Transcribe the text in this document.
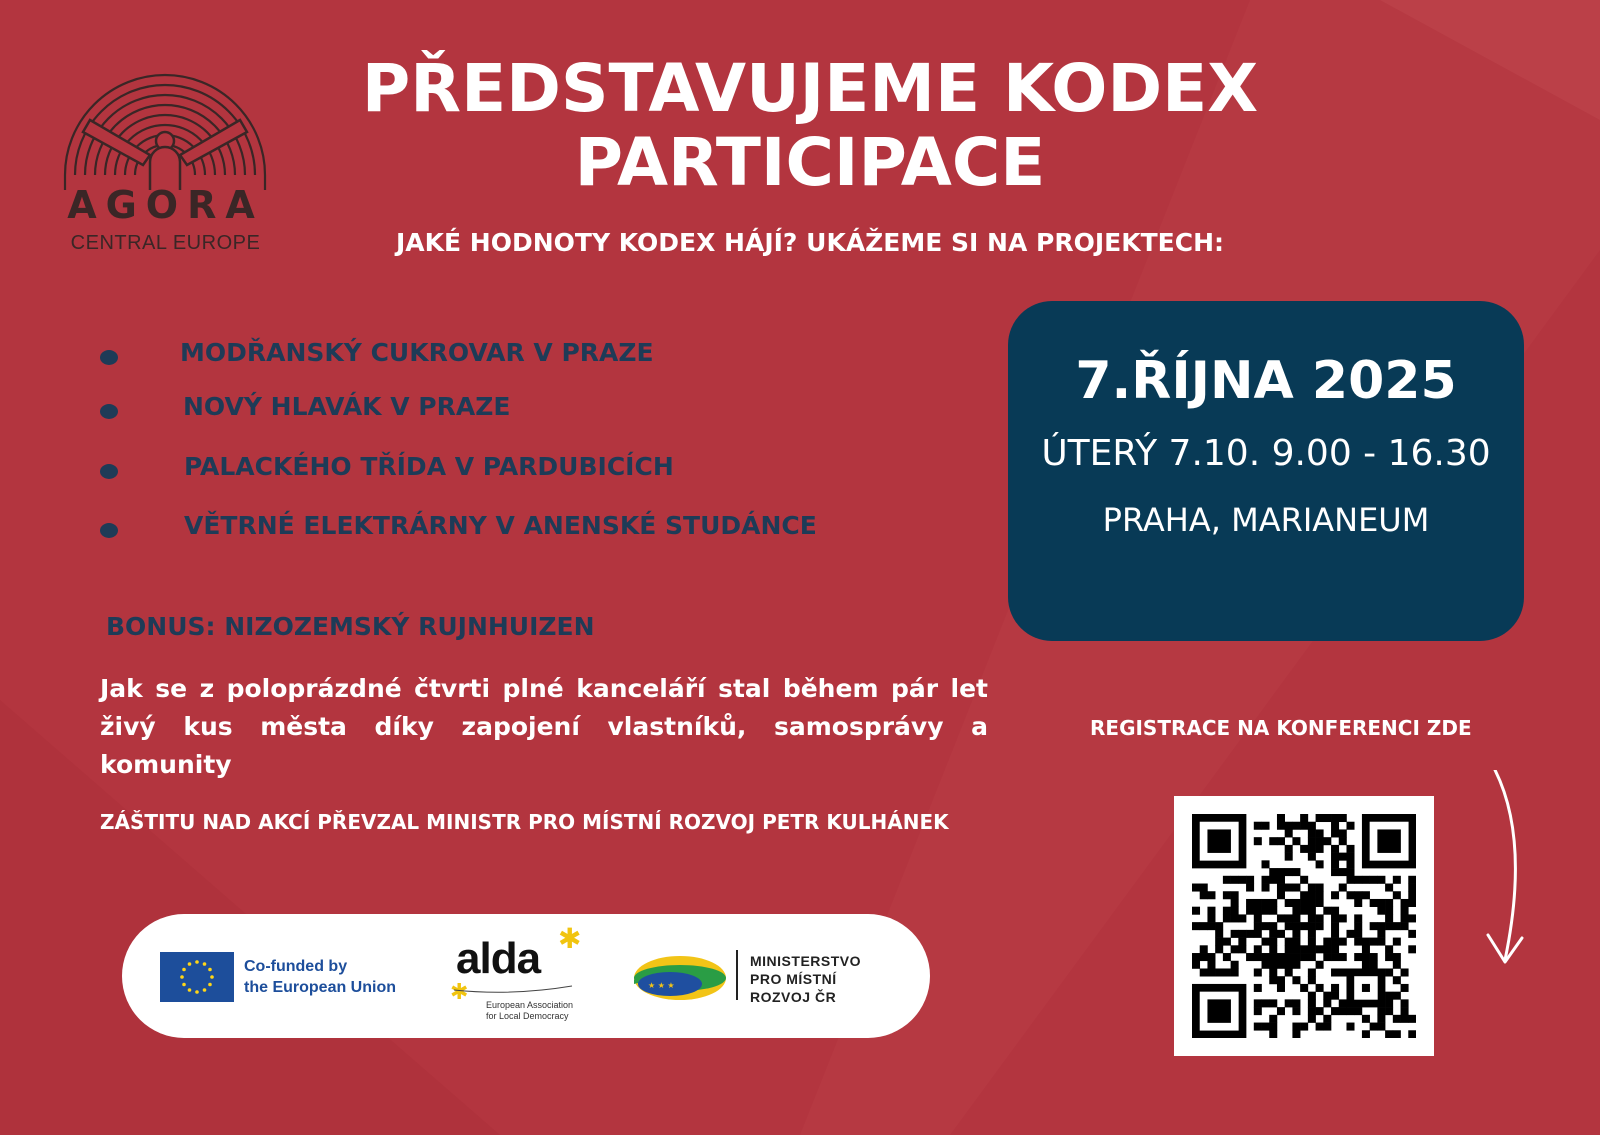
AGORA
CENTRAL EUROPE
PŘEDSTAVUJEME KODEX
PARTICIPACE
JAKÉ HODNOTY KODEX HÁJÍ? UKÁŽEME SI NA PROJEKTECH:
MODŘANSKÝ CUKROVAR V PRAZE
NOVÝ HLAVÁK V PRAZE
PALACKÉHO TŘÍDA V PARDUBICÍCH
VĚTRNÉ ELEKTRÁRNY V ANENSKÉ STUDÁNCE
BONUS: NIZOZEMSKÝ RUJNHUIZEN
Jak se z poloprázdné čtvrti plné kanceláří stal během pár let živý kus města díky zapojení vlastníků, samosprávy a komunity
ZÁŠTITU NAD AKCÍ PŘEVZAL MINISTR PRO MÍSTNÍ ROZVOJ PETR KULHÁNEK
7.ŘÍJNA 2025
ÚTERÝ 7.10. 9.00 - 16.30
PRAHA, MARIANEUM
REGISTRACE NA KONFERENCI ZDE
Co-funded by
the European Union
alda ✱
✱ European Association
for Local Democracy
★ ★ ★
MINISTERSTVO
PRO MÍSTNÍ
ROZVOJ ČR
